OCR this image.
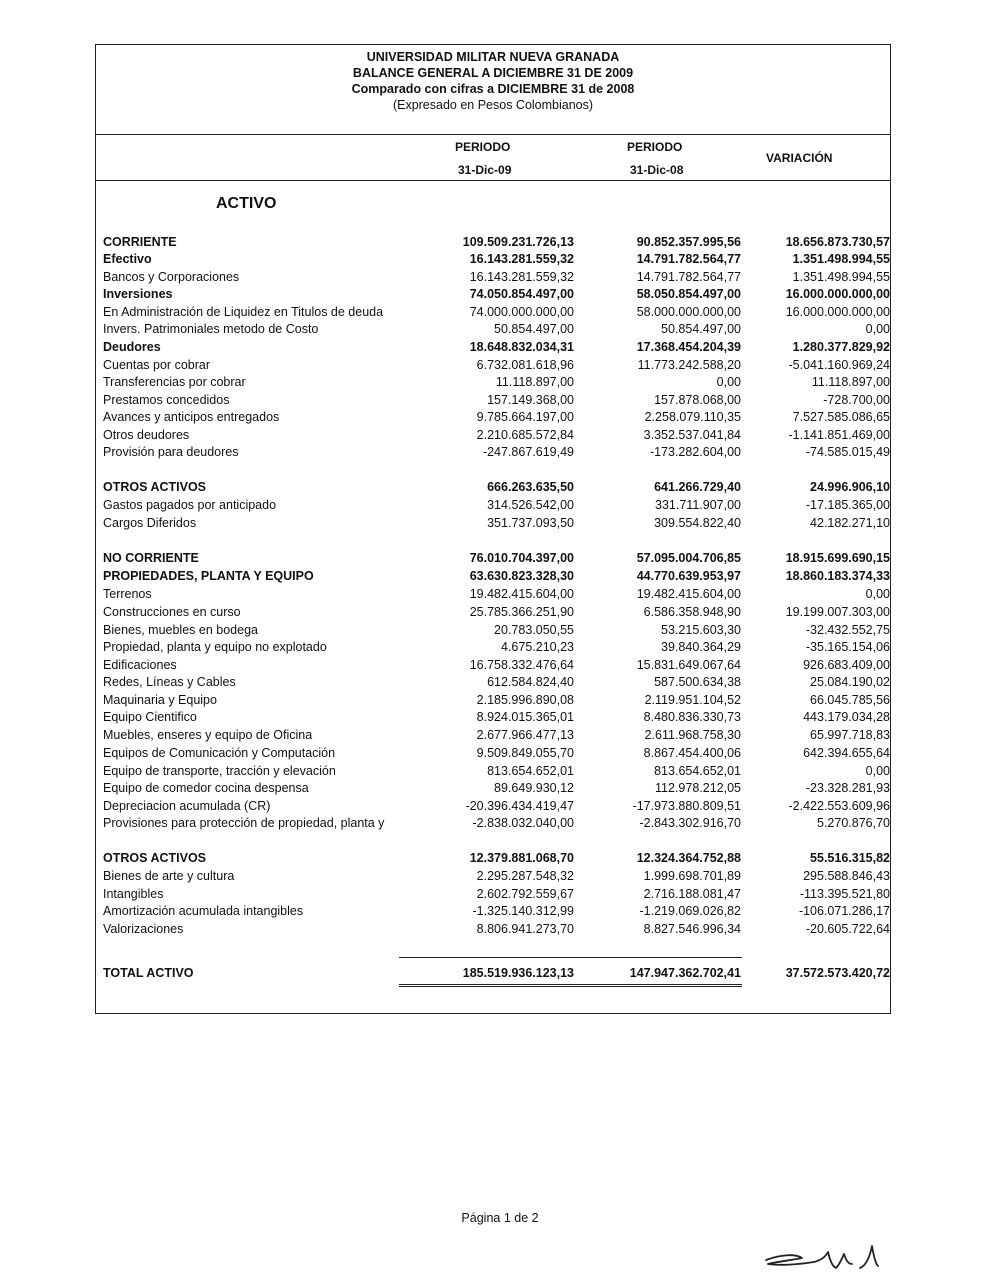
UNIVERSIDAD MILITAR NUEVA GRANADA
BALANCE GENERAL A DICIEMBRE 31 DE 2009
Comparado con cifras a DICIEMBRE 31 de 2008
(Expresado en Pesos Colombianos)
PERIODO
31-Dic-09
PERIODO
31-Dic-08
VARIACIÓN
ACTIVO
CORRIENTE	109.509.231.726,13	90.852.357.995,56	18.656.873.730,57
Efectivo	16.143.281.559,32	14.791.782.564,77	1.351.498.994,55
Bancos y Corporaciones	16.143.281.559,32	14.791.782.564,77	1.351.498.994,55
Inversiones	74.050.854.497,00	58.050.854.497,00	16.000.000.000,00
En Administración de Liquidez en Titulos de deuda	74.000.000.000,00	58.000.000.000,00	16.000.000.000,00
Invers. Patrimoniales metodo de Costo	50.854.497,00	50.854.497,00	0,00
Deudores	18.648.832.034,31	17.368.454.204,39	1.280.377.829,92
Cuentas por cobrar	6.732.081.618,96	11.773.242.588,20	-5.041.160.969,24
Transferencias por cobrar	11.118.897,00	0,00	11.118.897,00
Prestamos concedidos	157.149.368,00	157.878.068,00	-728.700,00
Avances y anticipos entregados	9.785.664.197,00	2.258.079.110,35	7.527.585.086,65
Otros deudores	2.210.685.572,84	3.352.537.041,84	-1.141.851.469,00
Provisión para deudores	-247.867.619,49	-173.282.604,00	-74.585.015,49
OTROS ACTIVOS	666.263.635,50	641.266.729,40	24.996.906,10
Gastos pagados por anticipado	314.526.542,00	331.711.907,00	-17.185.365,00
Cargos Diferidos	351.737.093,50	309.554.822,40	42.182.271,10
NO CORRIENTE	76.010.704.397,00	57.095.004.706,85	18.915.699.690,15
PROPIEDADES, PLANTA Y EQUIPO	63.630.823.328,30	44.770.639.953,97	18.860.183.374,33
Terrenos	19.482.415.604,00	19.482.415.604,00	0,00
Construcciones en curso	25.785.366.251,90	6.586.358.948,90	19.199.007.303,00
Bienes, muebles en bodega	20.783.050,55	53.215.603,30	-32.432.552,75
Propiedad, planta y equipo no explotado	4.675.210,23	39.840.364,29	-35.165.154,06
Edificaciones	16.758.332.476,64	15.831.649.067,64	926.683.409,00
Redes, Líneas y Cables	612.584.824,40	587.500.634,38	25.084.190,02
Maquinaria y Equipo	2.185.996.890,08	2.119.951.104,52	66.045.785,56
Equipo Cientifico	8.924.015.365,01	8.480.836.330,73	443.179.034,28
Muebles, enseres y equipo de Oficina	2.677.966.477,13	2.611.968.758,30	65.997.718,83
Equipos de Comunicación y Computación	9.509.849.055,70	8.867.454.400,06	642.394.655,64
Equipo de transporte, tracción y elevación	813.654.652,01	813.654.652,01	0,00
Equipo de comedor cocina despensa	89.649.930,12	112.978.212,05	-23.328.281,93
Depreciacion acumulada (CR)	-20.396.434.419,47	-17.973.880.809,51	-2.422.553.609,96
Provisiones para protección de propiedad, planta y	-2.838.032.040,00	-2.843.302.916,70	5.270.876,70
OTROS ACTIVOS	12.379.881.068,70	12.324.364.752,88	55.516.315,82
Bienes de arte y cultura	2.295.287.548,32	1.999.698.701,89	295.588.846,43
Intangibles	2.602.792.559,67	2.716.188.081,47	-113.395.521,80
Amortización acumulada intangibles	-1.325.140.312,99	-1.219.069.026,82	-106.071.286,17
Valorizaciones	8.806.941.273,70	8.827.546.996,34	-20.605.722,64
TOTAL ACTIVO	185.519.936.123,13	147.947.362.702,41	37.572.573.420,72
Página 1 de 2
